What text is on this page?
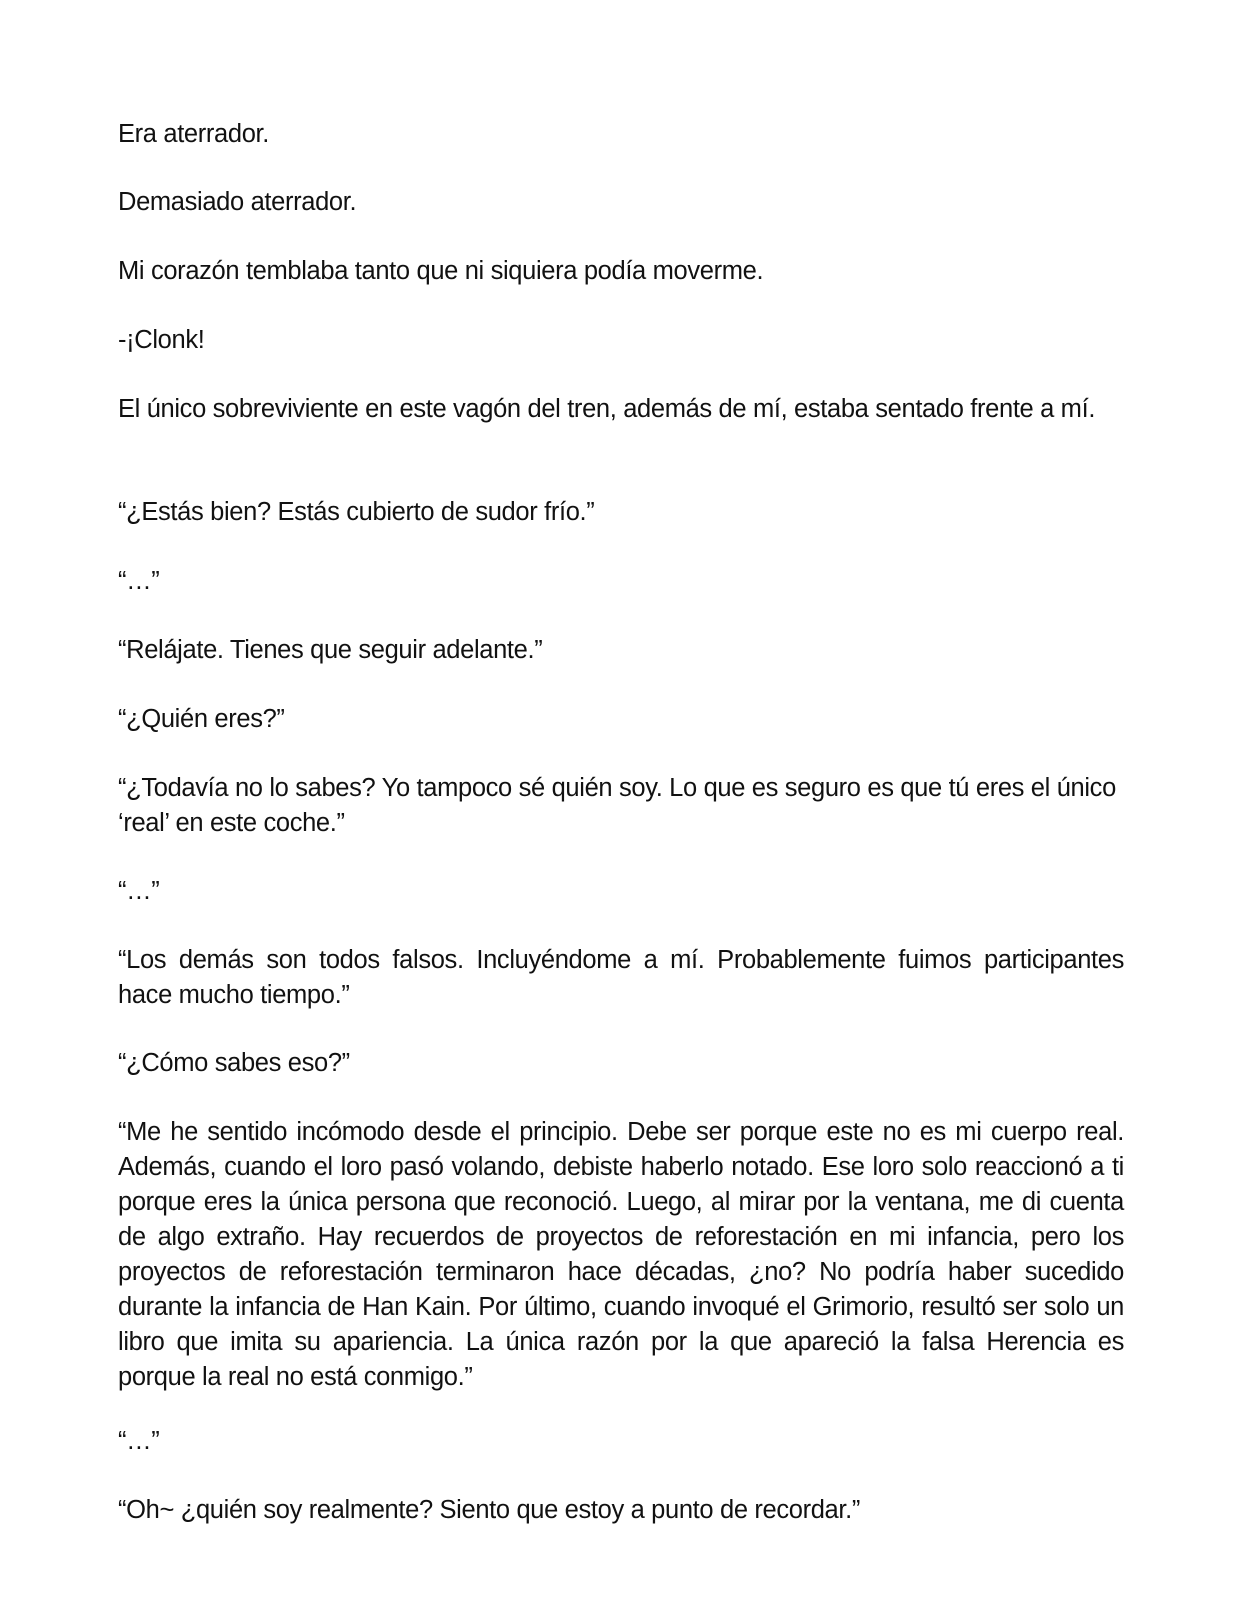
Era aterrador.

Demasiado aterrador.

Mi corazón temblaba tanto que ni siquiera podía moverme.

-¡Clonk!

El único sobreviviente en este vagón del tren, además de mí, estaba sentado frente a mí.

“¿Estás bien? Estás cubierto de sudor frío.”

“…”

“Relájate. Tienes que seguir adelante.”

“¿Quién eres?”

“¿Todavía no lo sabes? Yo tampoco sé quién soy. Lo que es seguro es que tú eres el único ‘real’ en este coche.”

“…”

“Los demás son todos falsos. Incluyéndome a mí. Probablemente fuimos participantes hace mucho tiempo.”

“¿Cómo sabes eso?”

“Me he sentido incómodo desde el principio. Debe ser porque este no es mi cuerpo real. Además, cuando el loro pasó volando, debiste haberlo notado. Ese loro solo reaccionó a ti porque eres la única persona que reconoció. Luego, al mirar por la ventana, me di cuenta de algo extraño. Hay recuerdos de proyectos de reforestación en mi infancia, pero los proyectos de reforestación terminaron hace décadas, ¿no? No podría haber sucedido durante la infancia de Han Kain. Por último, cuando invoqué el Grimorio, resultó ser solo un libro que imita su apariencia. La única razón por la que apareció la falsa Herencia es porque la real no está conmigo.”

“…”

“Oh~ ¿quién soy realmente? Siento que estoy a punto de recordar.”
